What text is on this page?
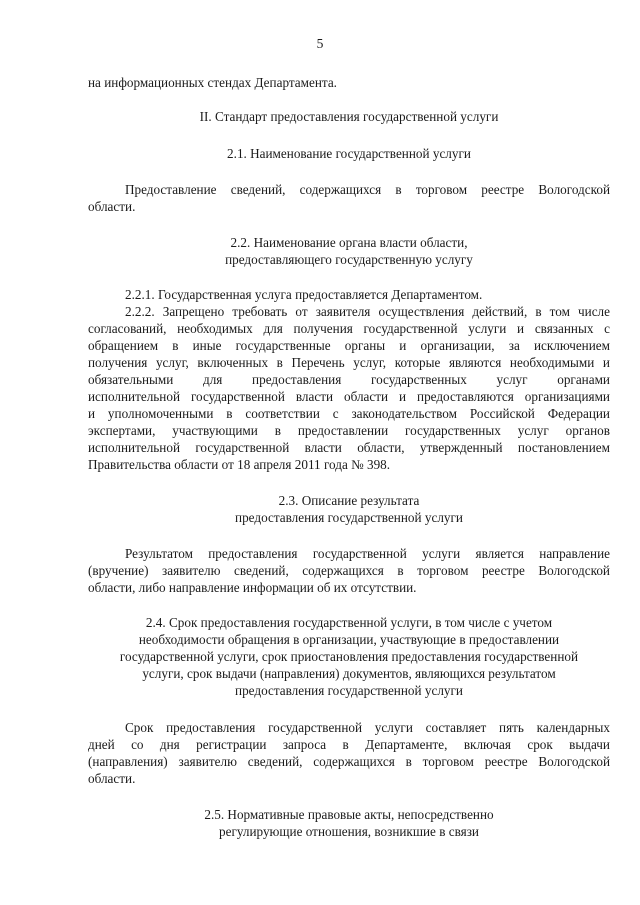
5
на информационных стендах Департамента.
II. Стандарт предоставления государственной услуги
2.1. Наименование государственной услуги
Предоставление сведений, содержащихся в торговом реестре Вологодской
области.
2.2. Наименование органа власти области,
предоставляющего государственную услугу
2.2.1. Государственная услуга предоставляется Департаментом.
2.2.2. Запрещено требовать от заявителя осуществления действий, в том числе
согласований, необходимых для получения государственной услуги и связанных с
обращением в иные государственные органы и организации, за исключением
получения услуг, включенных в Перечень услуг, которые являются необходимыми и
обязательными для предоставления государственных услуг органами
исполнительной государственной власти области и предоставляются организациями
и уполномоченными в соответствии с законодательством Российской Федерации
экспертами, участвующими в предоставлении государственных услуг органов
исполнительной государственной власти области, утвержденный постановлением
Правительства области от 18 апреля 2011 года № 398.
2.3. Описание результата
предоставления государственной услуги
Результатом предоставления государственной услуги является направление
(вручение) заявителю сведений, содержащихся в торговом реестре Вологодской
области, либо направление информации об их отсутствии.
2.4. Срок предоставления государственной услуги, в том числе с учетом
необходимости обращения в организации, участвующие в предоставлении
государственной услуги, срок приостановления предоставления государственной
услуги, срок выдачи (направления) документов, являющихся результатом
предоставления государственной услуги
Срок предоставления государственной услуги составляет пять календарных
дней со дня регистрации запроса в Департаменте, включая срок выдачи
(направления) заявителю сведений, содержащихся в торговом реестре Вологодской
области.
2.5. Нормативные правовые акты, непосредственно
регулирующие отношения, возникшие в связи
